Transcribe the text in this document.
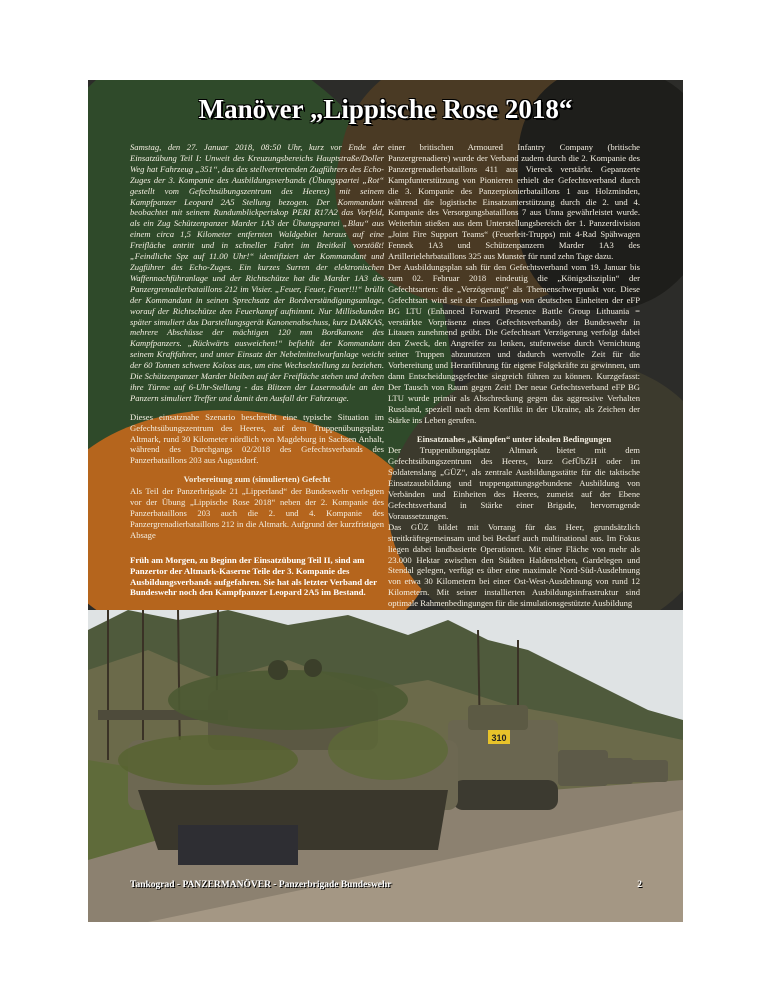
Manöver „Lippische Rose 2018“

Samstag, den 27. Januar 2018, 08:50 Uhr, kurz vor Ende der Einsatzübung Teil I: Unweit des Kreuzungsbereichs Hauptstraße/Doller Weg hat Fahrzeug „351“, das des stellvertretenden Zugführers des Echo-Zuges der 3. Kompanie des Ausbildungsverbands (Übungspartei „Rot“ gestellt vom Gefechtsübungszentrum des Heeres) mit seinem Kampfpanzer Leopard 2A5 Stellung bezogen. Der Kommandant beobachtet mit seinem Rundumblickperiskop PERI R17A2 das Vorfeld, als ein Zug Schützenpanzer Marder 1A3 der Übungspartei „Blau“ aus einem circa 1,5 Kilometer entfernten Waldgebiet heraus auf eine Freifläche antritt und in schneller Fahrt im Breitkeil vorstößt! „Feindliche Spz auf 11.00 Uhr!“ identifiziert der Kommandant und Zugführer des Echo-Zuges. Ein kurzes Surren der elektronischen Waffennachführanlage und der Richtschütze hat die Marder 1A3 des Panzergrenadierbataillons 212 im Visier. „Feuer, Feuer, Feuer!!!“ brüllt der Kommandant in seinen Sprechsatz der Bordverständigungsanlage, worauf der Richtschütze den Feuerkampf aufnimmt. Nur Millisekunden später simuliert das Darstellungsgerät Kanonenabschuss, kurz DARKAS, mehrere Abschüsse der mächtigen 120 mm Bordkanone des Kampfpanzers. „Rückwärts ausweichen!“ befiehlt der Kommandant seinem Kraftfahrer, und unter Einsatz der Nebelmittelwurfanlage weicht der 60 Tonnen schwere Koloss aus, um eine Wechselstellung zu beziehen. Die Schützenpanzer Marder bleiben auf der Freifläche stehen und drehen ihre Türme auf 6-Uhr-Stellung - das Blitzen der Lasermodule an den Panzern simuliert Treffer und damit den Ausfall der Fahrzeuge.

Dieses einsatznahe Szenario beschreibt eine typische Situation im Gefechtsübungszentrum des Heeres, auf dem Truppenübungsplatz Altmark, rund 30 Kilometer nördlich von Magdeburg in Sachsen Anhalt, während des Durchgangs 02/2018 des Gefechtsverbands des Panzerbataillons 203 aus Augustdorf.

Vorbereitung zum (simulierten) Gefecht

Als Teil der Panzerbrigade 21 „Lipperland“ der Bundeswehr verlegten vor der Übung „Lippische Rose 2018“ neben der 2. Kompanie des Panzerbataillons 203 auch die 2. und 4. Kompanie des Panzergrenadierbataillons 212 in die Altmark. Aufgrund der kurzfristigen Absage

Früh am Morgen, zu Beginn der Einsatzübung Teil II, sind am Panzertor der Altmark-Kaserne Teile der 3. Kompanie des Ausbildungsverbands aufgefahren. Sie hat als letzter Verband der Bundeswehr noch den Kampfpanzer Leopard 2A5 im Bestand.

einer britischen Armoured Infantry Company (britische Panzergrenadiere) wurde der Verband zudem durch die 2. Kompanie des Panzergrenadierbataillons 411 aus Viereck verstärkt. Gepanzerte Kampfunterstützung von Pionieren erhielt der Gefechtsverband durch die 3. Kompanie des Panzerpionierbataillons 1 aus Holzminden, während die logistische Einsatzunterstützung durch die 2. und 4. Kompanie des Versorgungsbataillons 7 aus Unna gewährleistet wurde. Weiterhin stießen aus dem Unterstellungsbereich der 1. Panzerdivision „Joint Fire Support Teams“ (Feuerleit-Trupps) mit 4-Rad Spähwagen Fennek 1A3 und Schützenpanzern Marder 1A3 des Artillerielehrbataillons 325 aus Munster für rund zehn Tage dazu.

Der Ausbildungsplan sah für den Gefechtsverband vom 19. Januar bis zum 02. Februar 2018 eindeutig die „Königsdisziplin“ der Gefechtsarten: die „Verzögerung“ als Themenschwerpunkt vor. Diese Gefechtsart wird seit der Gestellung von deutschen Einheiten der eFP BG LTU (Enhanced Forward Presence Battle Group Lithuania = verstärkte Vorpräsenz eines Gefechtsverbands) der Bundeswehr in Litauen zunehmend geübt. Die Gefechtsart Verzögerung verfolgt dabei den Zweck, den Angreifer zu lenken, stufenweise durch Vernichtung seiner Truppen abzunutzen und dadurch wertvolle Zeit für die Vorbereitung und Heranführung für eigene Folgekräfte zu gewinnen, um dann Entscheidungsgefechte siegreich führen zu können. Kurzgefasst: Der Tausch von Raum gegen Zeit! Der neue Gefechtsverband eFP BG LTU wurde primär als Abschreckung gegen das aggressive Verhalten Russland, speziell nach dem Konflikt in der Ukraine, als Zeichen der Stärke ins Leben gerufen.

Einsatznahes „Kämpfen“ unter idealen Bedingungen

Der Truppenübungsplatz Altmark bietet mit dem Gefechtsübungszentrum des Heeres, kurz GefÜbZH oder im Soldatenslang „GÜZ“, als zentrale Ausbildungsstätte für die taktische Einsatzausbildung und truppengattungsgebundene Ausbildung von Verbänden und Einheiten des Heeres, zumeist auf der Ebene Gefechtsverband in Stärke einer Brigade, hervorragende Voraussetzungen.

Das GÜZ bildet mit Vorrang für das Heer, grundsätzlich streitkräftegemeinsam und bei Bedarf auch multinational aus. Im Fokus liegen dabei landbasierte Operationen. Mit einer Fläche von mehr als 23.000 Hektar zwischen den Städten Haldensleben, Gardelegen und Stendal gelegen, verfügt es über eine maximale Nord-Süd-Ausdehnung von etwa 30 Kilometern bei einer Ost-West-Ausdehnung von rund 12 Kilometern. Mit seiner installierten Ausbildungsinfrastruktur sind optimale Rahmenbedingungen für die simulationsgestützte Ausbildung

310
Tankograd - PANZERMANÖVER - Panzerbrigade Bundeswehr	2
